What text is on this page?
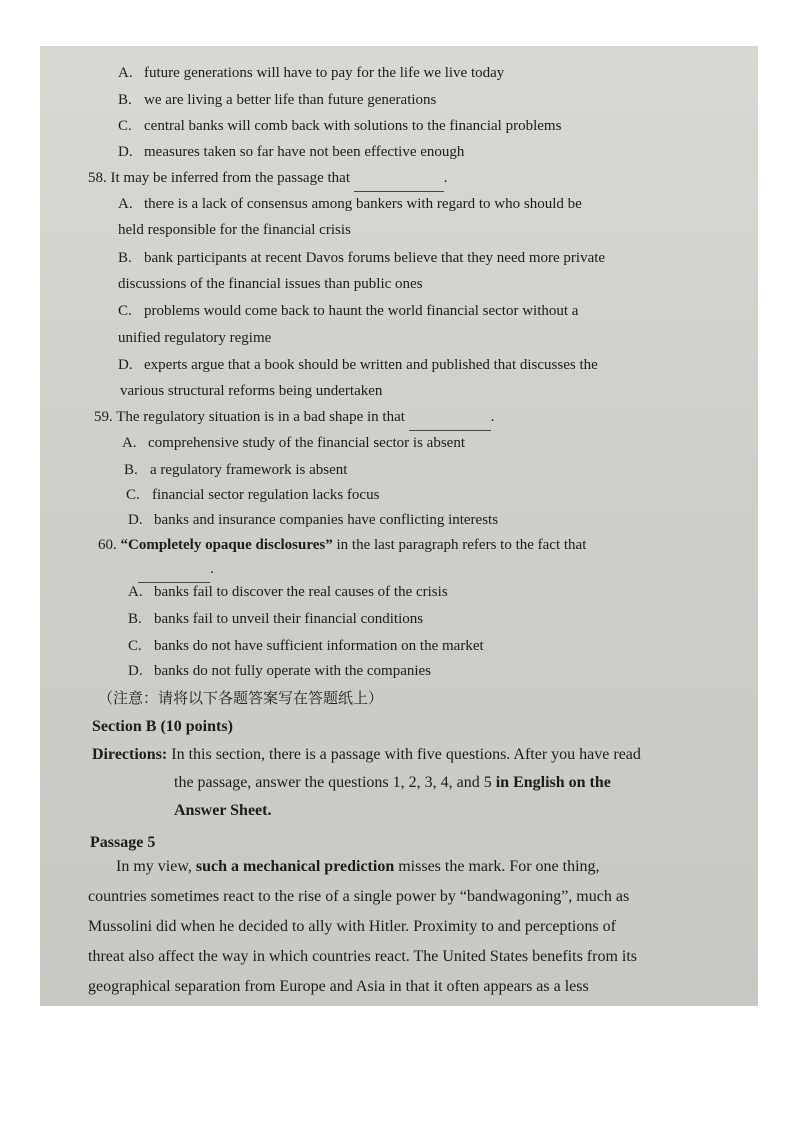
A. future generations will have to pay for the life we live today
B. we are living a better life than future generations
C. central banks will comb back with solutions to the financial problems
D. measures taken so far have not been effective enough
58. It may be inferred from the passage that	.
A. there is a lack of consensus among bankers with regard to who should be
held responsible for the financial crisis
B. bank participants at recent Davos forums believe that they need more private
discussions of the financial issues than public ones
C. problems would come back to haunt the world financial sector without a
unified regulatory regime
D. experts argue that a book should be written and published that discusses the
various structural reforms being undertaken
59. The regulatory situation is in a bad shape in that	.
A. comprehensive study of the financial sector is absent
B. a regulatory framework is absent
C. financial sector regulation lacks focus
D. banks and insurance companies have conflicting interests
60. “Completely opaque disclosures” in the last paragraph refers to the fact that
.
A. banks fail to discover the real causes of the crisis
B. banks fail to unveil their financial conditions
C. banks do not have sufficient information on the market
D. banks do not fully operate with the companies
（注意：请将以下各题答案写在答题纸上）
Section B (10 points)
Directions: In this section, there is a passage with five questions. After you have read
the passage, answer the questions 1, 2, 3, 4, and 5 in English on the
Answer Sheet.
Passage 5
In my view, such a mechanical prediction misses the mark. For one thing,
countries sometimes react to the rise of a single power by “bandwagoning”, much as
Mussolini did when he decided to ally with Hitler. Proximity to and perceptions of
threat also affect the way in which countries react. The United States benefits from its
geographical separation from Europe and Asia in that it often appears as a less
